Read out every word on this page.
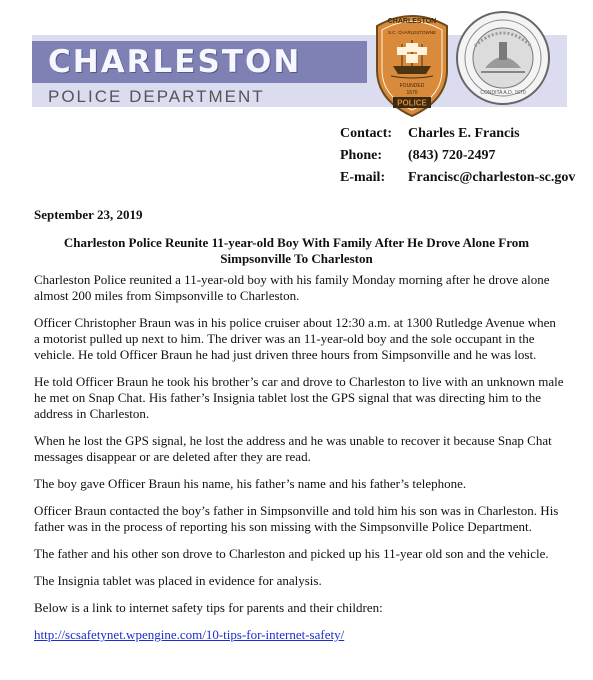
CHARLESTON
POLICE DEPARTMENT
CHARLESTON
S.C. CHARLESTOWNE
FOUNDED
1670
POLICE
CONDITA A.D. 1670
Contact:	Charles E. Francis
Phone:	(843) 720-2497
E-mail:	Francisc@charleston-sc.gov
September 23, 2019
Charleston Police Reunite 11-year-old Boy With Family After He Drove Alone From Simpsonville To Charleston

Charleston Police reunited a 11-year-old boy with his family Monday morning after he drove alone almost 200 miles from Simpsonville to Charleston.

Officer Christopher Braun was in his police cruiser about 12:30 a.m. at 1300 Rutledge Avenue when a motorist pulled up next to him. The driver was an 11-year-old boy and the sole occupant in the vehicle. He told Officer Braun he had just driven three hours from Simpsonville and he was lost.

He told Officer Braun he took his brother’s car and drove to Charleston to live with an unknown male he met on Snap Chat. His father’s Insignia tablet lost the GPS signal that was directing him to the address in Charleston.

When he lost the GPS signal, he lost the address and he was unable to recover it because Snap Chat messages disappear or are deleted after they are read.

The boy gave Officer Braun his name, his father’s name and his father’s telephone.

Officer Braun contacted the boy’s father in Simpsonville and told him his son was in Charleston. His father was in the process of reporting his son missing with the Simpsonville Police Department.

The father and his other son drove to Charleston and picked up his 11-year old son and the vehicle.

The Insignia tablet was placed in evidence for analysis.

Below is a link to internet safety tips for parents and their children:

http://scsafetynet.wpengine.com/10-tips-for-internet-safety/
